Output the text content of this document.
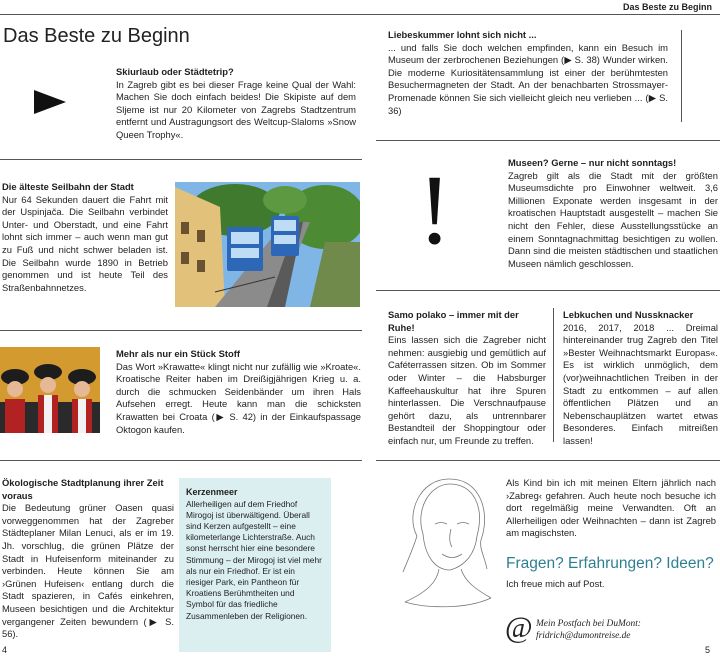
Das Beste zu Beginn
Das Beste zu Beginn
Skiurlaub oder Städtetrip?
In Zagreb gibt es bei dieser Frage keine Qual der Wahl: Machen Sie doch einfach beides! Die Skipiste auf dem Sljeme ist nur 20 Kilometer von Zagrebs Stadtzentrum entfernt und Austragungsort des Weltcup-Slaloms »Snow Queen Trophy«.
Die älteste Seilbahn der Stadt
Nur 64 Sekunden dauert die Fahrt mit der Uspinjača. Die Seilbahn verbindet Unter- und Oberstadt, und eine Fahrt lohnt sich immer – auch wenn man gut zu Fuß und nicht schwer beladen ist. Die Seilbahn wurde 1890 in Betrieb genommen und ist heute Teil des Straßenbahnnetzes.
Mehr als nur ein Stück Stoff
Das Wort »Krawatte« klingt nicht nur zufällig wie »Kroate«. Kroatische Reiter haben im Dreißigjährigen Krieg u. a. durch die schmucken Seidenbänder um ihren Hals Aufsehen erregt. Heute kann man die schicksten Krawatten bei Croata (▶ S. 42) in der Einkaufspassage Oktogon kaufen.
Ökologische Stadtplanung ihrer Zeit voraus
Die Bedeutung grüner Oasen quasi vorweggenommen hat der Zagreber Städteplaner Milan Lenuci, als er im 19. Jh. vorschlug, die grünen Plätze der Stadt in Hufeisenform miteinander zu verbinden. Heute können Sie am ›Grünen Hufeisen‹ entlang durch die Stadt spazieren, in Cafés einkehren, Museen besichtigen und die Architektur vergangener Zeiten bewundern (▶ S. 56).
Kerzenmeer
Allerheiligen auf dem Friedhof Mirogoj ist überwältigend. Überall sind Kerzen aufgestellt – eine kilometerlange Lichterstraße. Auch sonst herrscht hier eine besondere Stimmung – der Mirogoj ist viel mehr als nur ein Friedhof. Er ist ein riesiger Park, ein Pantheon für Kroatiens Berühmtheiten und Symbol für das friedliche Zusammenleben der Religionen.
4
Liebeskummer lohnt sich nicht ...
... und falls Sie doch welchen empfinden, kann ein Besuch im Museum der zerbrochenen Beziehungen (▶ S. 38) Wunder wirken. Die moderne Kuriositätensammlung ist einer der berühmtesten Besuchermagneten der Stadt. An der benachbarten Strossmayer-Promenade können Sie sich vielleicht gleich neu verlieben ... (▶ S. 36)
!	Museen? Gerne – nur nicht sonntags!
Zagreb gilt als die Stadt mit der größten Museumsdichte pro Einwohner weltweit. 3,6 Millionen Exponate werden insgesamt in der kroatischen Hauptstadt ausgestellt – machen Sie nicht den Fehler, diese Ausstellungsstücke an einem Sonntagnachmittag besichtigen zu wollen. Dann sind die meisten städtischen und staatlichen Museen nämlich geschlossen.
Samo polako – immer mit der Ruhe!
Eins lassen sich die Zagreber nicht nehmen: ausgiebig und gemütlich auf Caféterrassen sitzen. Ob im Sommer oder Winter – die Habsburger Kaffeehauskultur hat ihre Spuren hinterlassen. Die Verschnaufpause gehört dazu, als untrennbarer Bestandteil der Shoppingtour oder einfach nur, um Freunde zu treffen.
Lebkuchen und Nussknacker
2016, 2017, 2018 ... Dreimal hintereinander trug Zagreb den Titel »Bester Weihnachtsmarkt Europas«. Es ist wirklich unmöglich, dem (vor)weihnachtlichen Treiben in der Stadt zu entkommen – auf allen öffentlichen Plätzen und an Nebenschauplätzen wartet etwas Besonderes. Einfach mitreißen lassen!
Als Kind bin ich mit meinen Eltern jährlich nach ›Zabreg‹ gefahren. Auch heute noch besuche ich dort regelmäßig meine Verwandten. Oft an Allerheiligen oder Weihnachten – dann ist Zagreb am magischsten.
Fragen? Erfahrungen? Ideen?
Ich freue mich auf Post.
@ Mein Postfach bei DuMont:
fridrich@dumontreise.de
5
